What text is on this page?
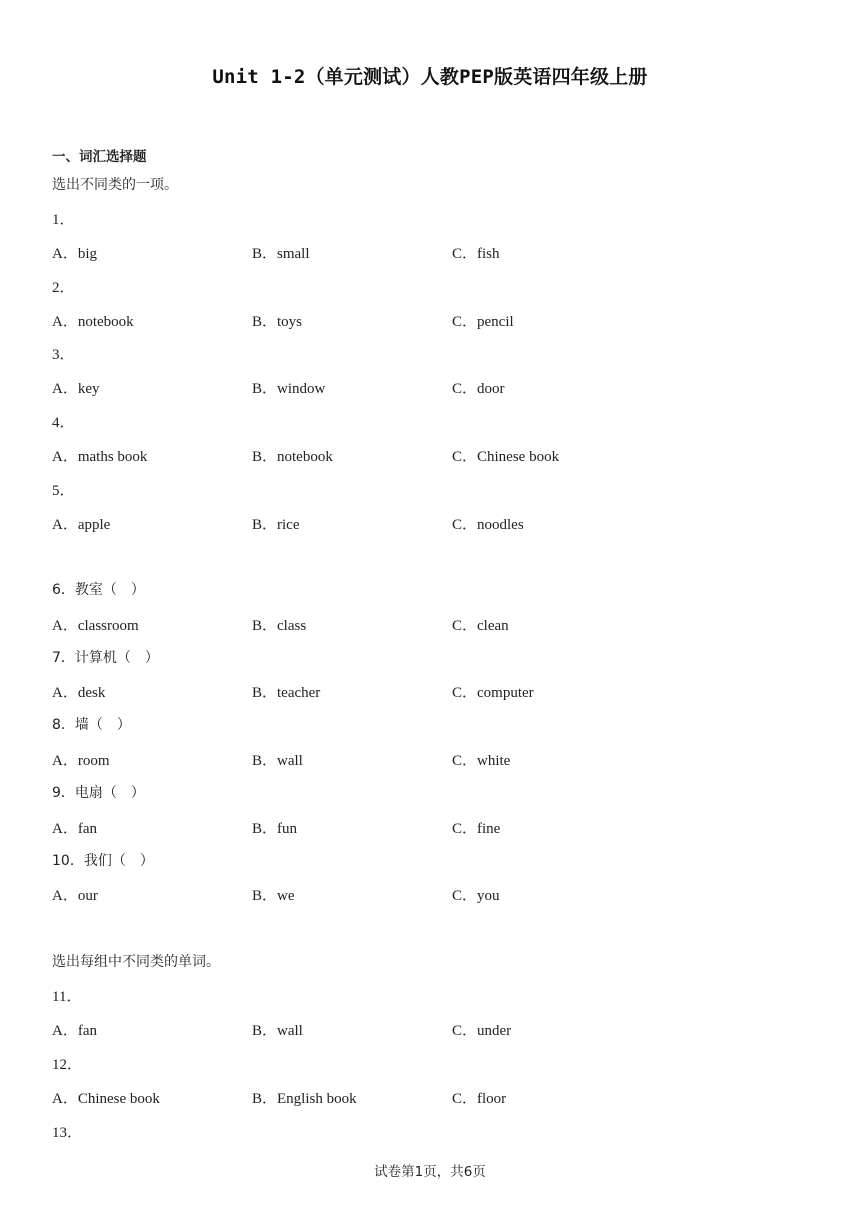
Unit 1-2（单元测试）人教PEP版英语四年级上册
一、词汇选择题
选出不同类的一项。
1．
A．big	B．small	C．fish
2．
A．notebook	B．toys	C．pencil
3．
A．key	B．window	C．door
4．
A．maths book	B．notebook	C．Chinese book
5．
A．apple	B．rice	C．noodles
6．教室（　）
A．classroom	B．class	C．clean
7．计算机（　）
A．desk	B．teacher	C．computer
8．墙（　）
A．room	B．wall	C．white
9．电扇（　）
A．fan	B．fun	C．fine
10．我们（　）
A．our	B．we	C．you
选出每组中不同类的单词。
11．
A．fan	B．wall	C．under
12．
A．Chinese book	B．English book	C．floor
13．
试卷第1页，共6页
